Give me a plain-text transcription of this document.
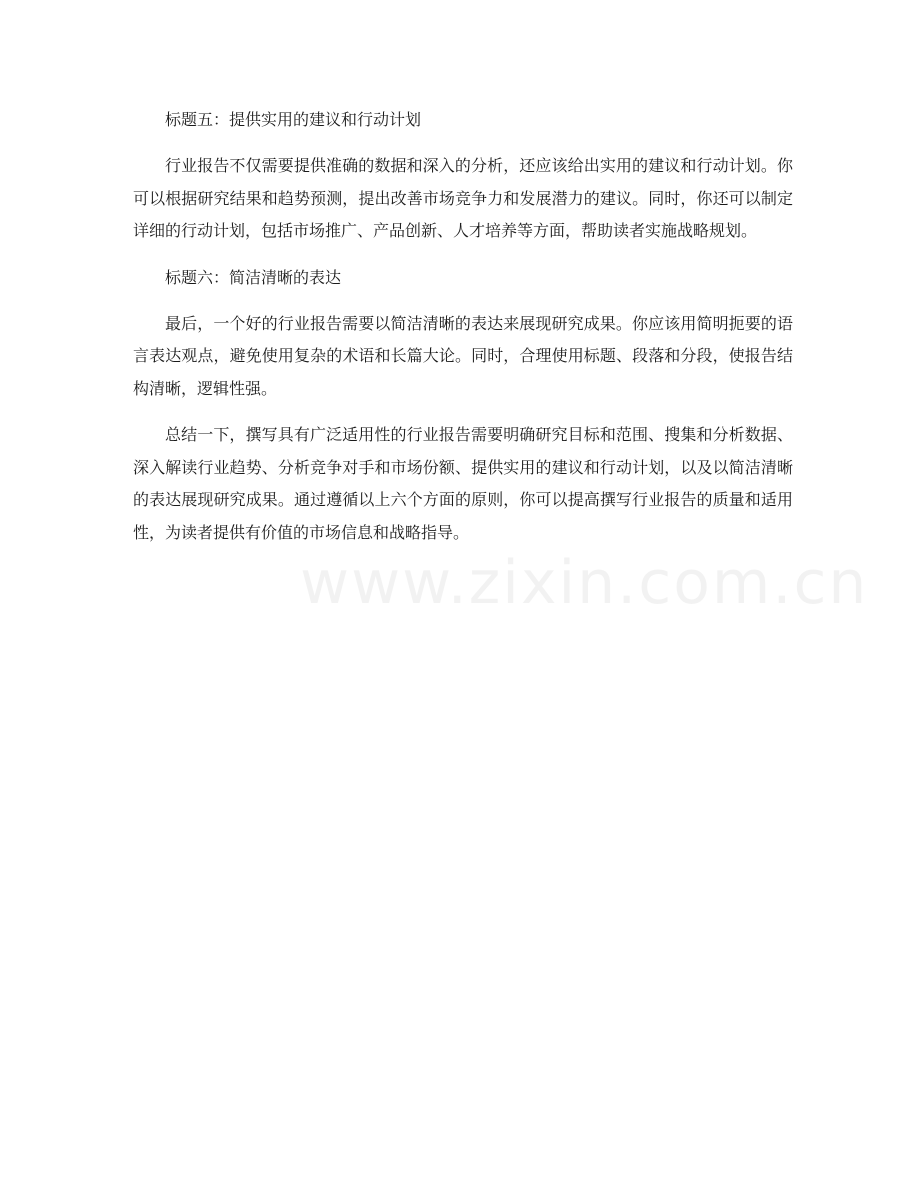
www.zixin.com.cn

标题五：提供实用的建议和行动计划

行业报告不仅需要提供准确的数据和深入的分析，还应该给出实用的建议和行动计划。你可以根据研究结果和趋势预测，提出改善市场竞争力和发展潜力的建议。同时，你还可以制定详细的行动计划，包括市场推广、产品创新、人才培养等方面，帮助读者实施战略规划。

标题六：简洁清晰的表达

最后，一个好的行业报告需要以简洁清晰的表达来展现研究成果。你应该用简明扼要的语言表达观点，避免使用复杂的术语和长篇大论。同时，合理使用标题、段落和分段，使报告结构清晰，逻辑性强。

总结一下，撰写具有广泛适用性的行业报告需要明确研究目标和范围、搜集和分析数据、深入解读行业趋势、分析竞争对手和市场份额、提供实用的建议和行动计划，以及以简洁清晰的表达展现研究成果。通过遵循以上六个方面的原则，你可以提高撰写行业报告的质量和适用性，为读者提供有价值的市场信息和战略指导。
